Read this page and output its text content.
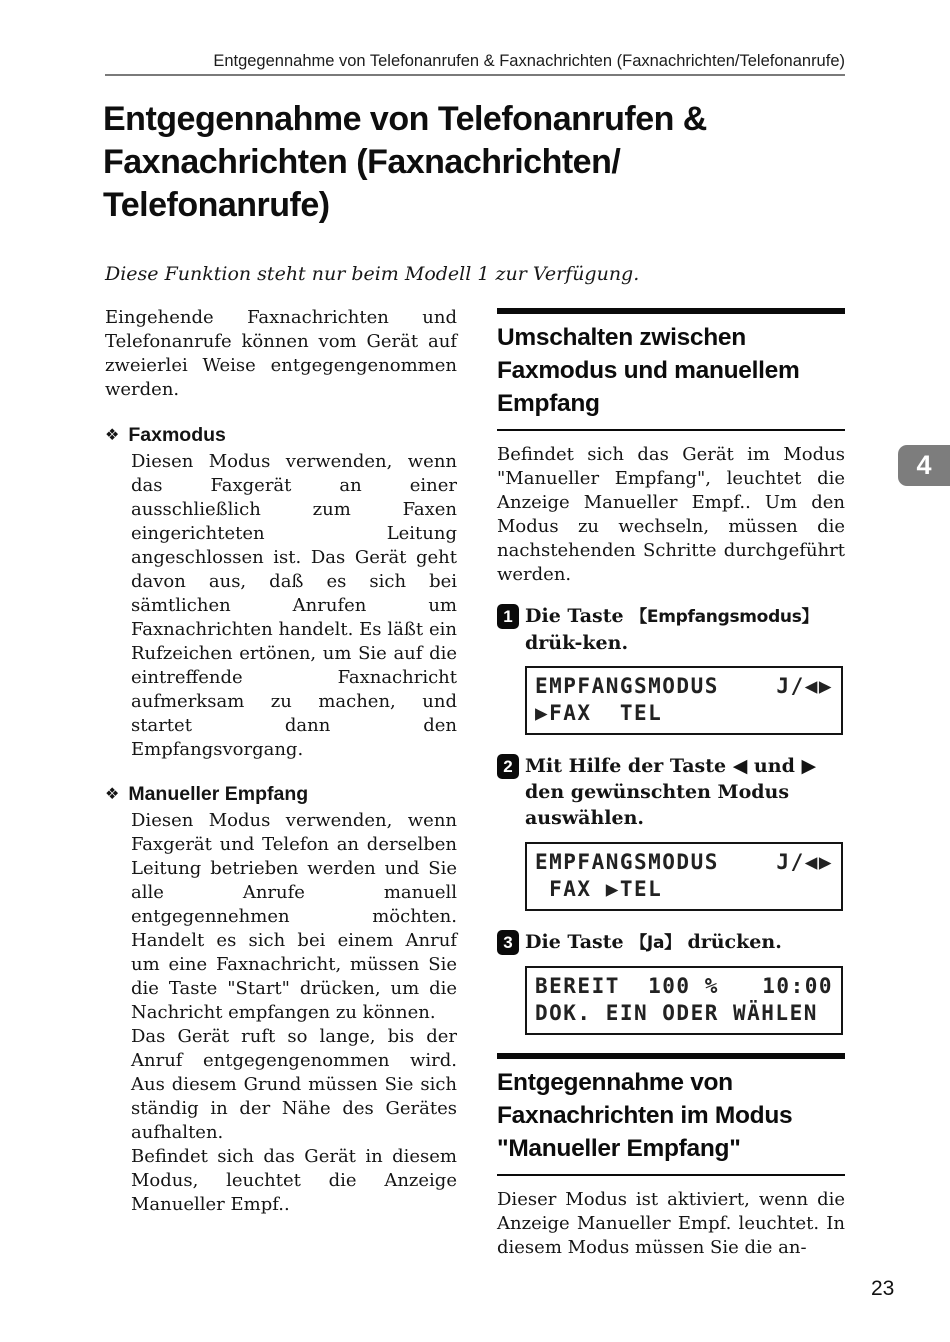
Entgegennahme von Telefonanrufen & Faxnachrichten (Faxnachrichten/Telefonanrufe)
Entgegennahme von Telefonanrufen &
Faxnachrichten (Faxnachrichten/
Telefonanrufe)
Diese Funktion steht nur beim Modell 1 zur Verfügung.

Eingehende Faxnachrichten und Telefonanrufe können vom Gerät auf zweierlei Weise entgegengenommen werden.

❖ Faxmodus

Diesen Modus verwenden, wenn das Faxgerät an einer ausschließlich zum Faxen eingerichteten Leitung angeschlossen ist. Das Gerät geht davon aus, daß es sich bei sämtlichen Anrufen um Faxnachrichten handelt. Es läßt ein Rufzeichen ertönen, um Sie auf die eintreffende Faxnachricht aufmerksam zu machen, und startet dann den Empfangsvorgang.

❖ Manueller Empfang

Diesen Modus verwenden, wenn Faxgerät und Telefon an derselben Leitung betrieben werden und Sie alle Anrufe manuell entgegennehmen möchten. Handelt es sich bei einem Anruf um eine Faxnachricht, müssen Sie die Taste "Start" drücken, um die Nachricht empfangen zu können.

Das Gerät ruft so lange, bis der Anruf entgegengenommen wird. Aus diesem Grund müssen Sie sich ständig in der Nähe des Gerätes aufhalten.

Befindet sich das Gerät in diesem Modus, leuchtet die Anzeige Manueller Empf..

Umschalten zwischen
Faxmodus und manuellem
Empfang

Befindet sich das Gerät im Modus "Manueller Empfang", leuchtet die Anzeige Manueller Empf.. Um den Modus zu wechseln, müssen die nachstehenden Schritte durchgeführt werden.

1 Die Taste 【Empfangsmodus】 drük-ken.
EMPFANGSMODUS	J/◀▶
▶FAX  TEL
2 Mit Hilfe der Taste ◀ und ▶ den gewünschten Modus auswählen.
EMPFANGSMODUS	J/◀▶
FAX ▶TEL
3 Die Taste 【Ja】 drücken.
BEREIT  100 % 10:00
DOK. EIN ODER WÄHLEN
Entgegennahme von
Faxnachrichten im Modus
"Manueller Empfang"

Dieser Modus ist aktiviert, wenn die Anzeige Manueller Empf. leuchtet. In diesem Modus müssen Sie die an-

4
23
